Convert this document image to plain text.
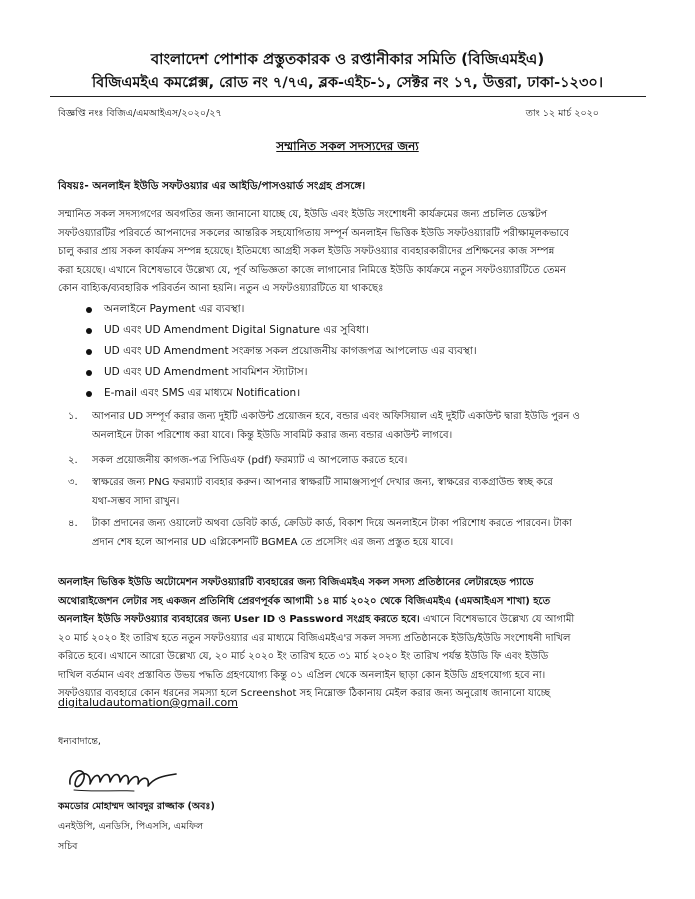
বাংলাদেশ পোশাক প্রস্তুতকারক ও রপ্তানীকার সমিতি (বিজিএমইএ)
বিজিএমইএ কমপ্লেক্স, রোড নং ৭/৭এ, ব্লক-এইচ-১, সেক্টর নং ১৭, উত্তরা, ঢাকা-১২৩০।
বিজ্ঞপ্তি নংঃ বিজিএ/এমআইএস/২০২০/২৭	তাং ১২ মার্চ ২০২০
সম্মানিত সকল সদস্যদের জন্য
বিষয়ঃ- অনলাইন ইউডি সফটওয়্যার এর আইডি/পাসওয়ার্ড সংগ্রহ প্রসঙ্গে।
সম্মানিত সকল সদস্যগণের অবগতির জন্য জানানো যাচ্ছে যে, ইউডি এবং ইউডি সংশোধনী কার্যক্রমের জন্য প্রচলিত ডেস্কটপ
সফটওয়্যারটির পরিবর্তে আপনাদের সকলের আন্তরিক সহযোগিতায় সম্পূর্ন অনলাইন ভিত্তিক ইউডি সফটওয়্যারটি পরীক্ষামূলকভাবে
চালু করার প্রায় সকল কার্যক্রম সম্পন্ন হয়েছে। ইতিমধ্যে আগ্রহী সকল ইউডি সফটওয়্যার ব্যবহারকারীদের প্রশিক্ষনের কাজ সম্পন্ন
করা হয়েছে। এখানে বিশেষভাবে উল্লেখ্য যে, পূর্ব অভিজ্ঞতা কাজে লাগানোর নিমিত্তে ইউডি কার্যক্রমে নতুন সফটওয়্যারটিতে তেমন
কোন বাহ্যিক/ব্যবহারিক পরিবর্তন আনা হয়নি। নতুন এ সফটওয়্যারটিতে যা থাকছেঃ
অনলাইনে Payment এর ব্যবস্থা।
UD এবং UD Amendment Digital Signature এর সুবিধা।
UD এবং UD Amendment সংক্রান্ত সকল প্রয়োজনীয় কাগজপত্র আপলোড এর ব্যবস্থা।
UD এবং UD Amendment সাবমিশন স্ট্যাটাস।
E-mail এবং SMS এর মাধ্যমে Notification।
১. আপনার UD সম্পূর্ণ করার জন্য দুইটি একাউন্ট প্রয়োজন হবে, বন্ডার এবং অফিসিয়াল এই দুইটি একাউন্ট দ্বারা ইউডি পুরন ও
অনলাইনে টাকা পরিশোধ করা যাবে। কিন্তু ইউডি সাবমিট করার জন্য বন্ডার একাউন্ট লাগবে।
২. সকল প্রয়োজনীয় কাগজ-পত্র পিডিএফ (pdf) ফরম্যাট এ আপলোড করতে হবে।
৩. স্বাক্ষরের জন্য PNG ফরম্যাট ব্যবহার করুন। আপনার স্বাক্ষরটি সামাঞ্জস্যপূর্ণ দেখার জন্য, স্বাক্ষরের ব্যকগ্রাউন্ড স্বচ্ছ করে
যথা-সম্ভব সাদা রাখুন।
৪. টাকা প্রদানের জন্য ওয়ালেট অথবা ডেবিট কার্ড, ক্রেডিট কার্ড, বিকাশ দিয়ে অনলাইনে টাকা পরিশোধ করতে পারবেন। টাকা
প্রদান শেষ হলে আপনার UD এপ্লিকেশনটি BGMEA তে প্রসেসিং এর জন্য প্রস্তুত হয়ে যাবে।
অনলাইন ভিত্তিক ইউডি অটোমেশন সফটওয়্যারটি ব্যবহারের জন্য বিজিএমইএ সকল সদস্য প্রতিষ্ঠানের লেটারহেড প্যাডে
অথোরাইজেশন লেটার সহ একজন প্রতিনিধি প্রেরণপূর্বক আগামী ১৪ মার্চ ২০২০ থেকে বিজিএমইএ (এমআইএস শাখা) হতে
অনলাইন ইউডি সফটওয়্যার ব্যবহারের জন্য User ID ও Password সংগ্রহ করতে হবে। এখানে বিশেষভাবে উল্লেখ্য যে আগামী
২০ মার্চ ২০২০ ইং তারিখ হতে নতুন সফটওয়্যার এর মাধ্যমে বিজিএমইএ'র সকল সদস্য প্রতিষ্ঠানকে ইউডি/ইউডি সংশোধনী দাখিল
করিতে হবে। এখানে আরো উল্লেখ্য যে, ২০ মার্চ ২০২০ ইং তারিখ হতে ৩১ মার্চ ২০২০ ইং তারিখ পর্যন্ত ইউডি ফি এবং ইউডি
দাখিল বর্তমান এবং প্রস্তাবিত উভয় পদ্ধতি গ্রহণযোগ্য কিন্তু ০১ এপ্রিল থেকে অনলাইন ছাড়া কোন ইউডি গ্রহণযোগ্য হবে না।
সফটওয়্যার ব্যবহারে কোন ধরনের সমস্যা হলে Screenshot সহ নিম্নোক্ত ঠিকানায় মেইল করার জন্য অনুরোধ জানানো যাচ্ছে
digitaludautomation@gmail.com
ধন্যবাদান্তে,
কমডোর মোহাম্মদ আবদুর রাজ্জাক (অবঃ)
এনইউপি, এনডিসি, পিএসসি, এমফিল
সচিব
